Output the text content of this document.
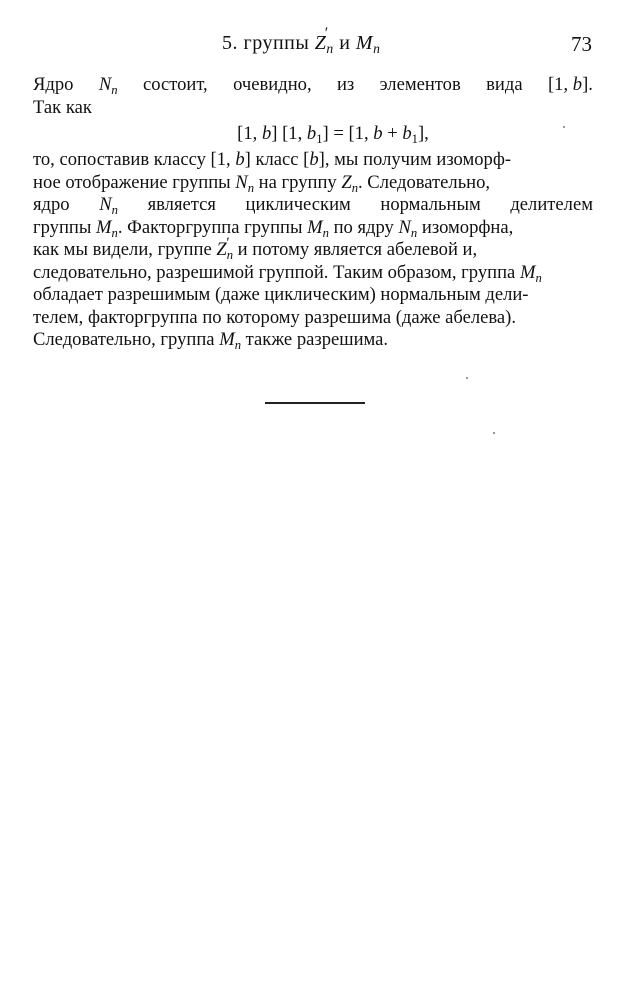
5. группы Z
′
$_n$ и $M_n$	73
Ядро $N_n$ состоит, очевидно, из элементов вида [1, b].
Так как
[1, b] [1, $b_1] = [1$, $b + b_1$],
то, сопоставив классу [1, b] класс [b], мы получим изоморф-
ное отображение группы $N_n$ на группу $Z_n$. Следовательно,
ядро $N_n$ является циклическим нормальным делителем
группы $M_n$. Факторгруппа группы $M_n$ по ядру $N_n$ изоморфна,
как мы видели, группе Z ′
$_n$ и потому является абелевой и,
следовательно, разрешимой группой. Таким образом, группа $M_n$
обладает разрешимым (даже циклическим) нормальным дели-
телем, факторгруппа по которому разрешима (даже абелева).
Следовательно, группа $M_n$ также разрешима.
